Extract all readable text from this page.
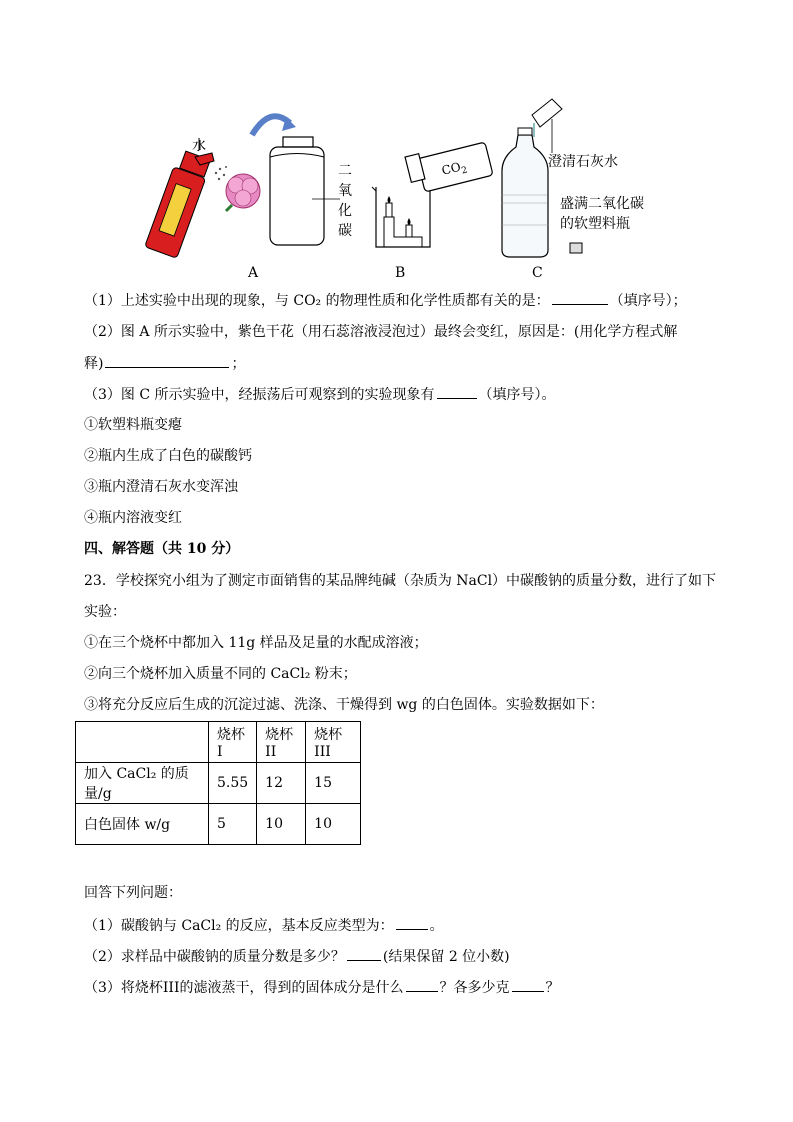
水
二
氧
化
碳
$CO_2$
澄清石灰水
盛满二氧化碳
的软塑料瓶
A	B	C
（1）上述实验中出现的现象，与 CO₂ 的物理性质和化学性质都有关的是：	（填序号）；
（2）图 A 所示实验中，紫色干花（用石蕊溶液浸泡过）最终会变红，原因是：(用化学方程式解
释)	；
（3）图 C 所示实验中，经振荡后可观察到的实验现象有	（填序号）。
①软塑料瓶变瘪
②瓶内生成了白色的碳酸钙
③瓶内澄清石灰水变浑浊
④瓶内溶液变红
四、解答题（共 10 分）
23．学校探究小组为了测定市面销售的某品牌纯碱（杂质为 NaCl）中碳酸钠的质量分数，进行了如下
实验：
①在三个烧杯中都加入 11g 样品及足量的水配成溶液；
②向三个烧杯加入质量不同的 CaCl₂ 粉末；
③将充分反应后生成的沉淀过滤、洗涤、干燥得到 wg 的白色固体。实验数据如下：
	烧杯I	烧杯II	烧杯III
加入 CaCl₂ 的质量/g	5.55	12	15
白色固体 w/g	5	10	10
回答下列问题：
（1）碳酸钠与 CaCl₂ 的反应，基本反应类型为：	。
（2）求样品中碳酸钠的质量分数是多少？	(结果保留 2 位小数)
（3）将烧杯III的滤液蒸干，得到的固体成分是什么	？各多少克	？
